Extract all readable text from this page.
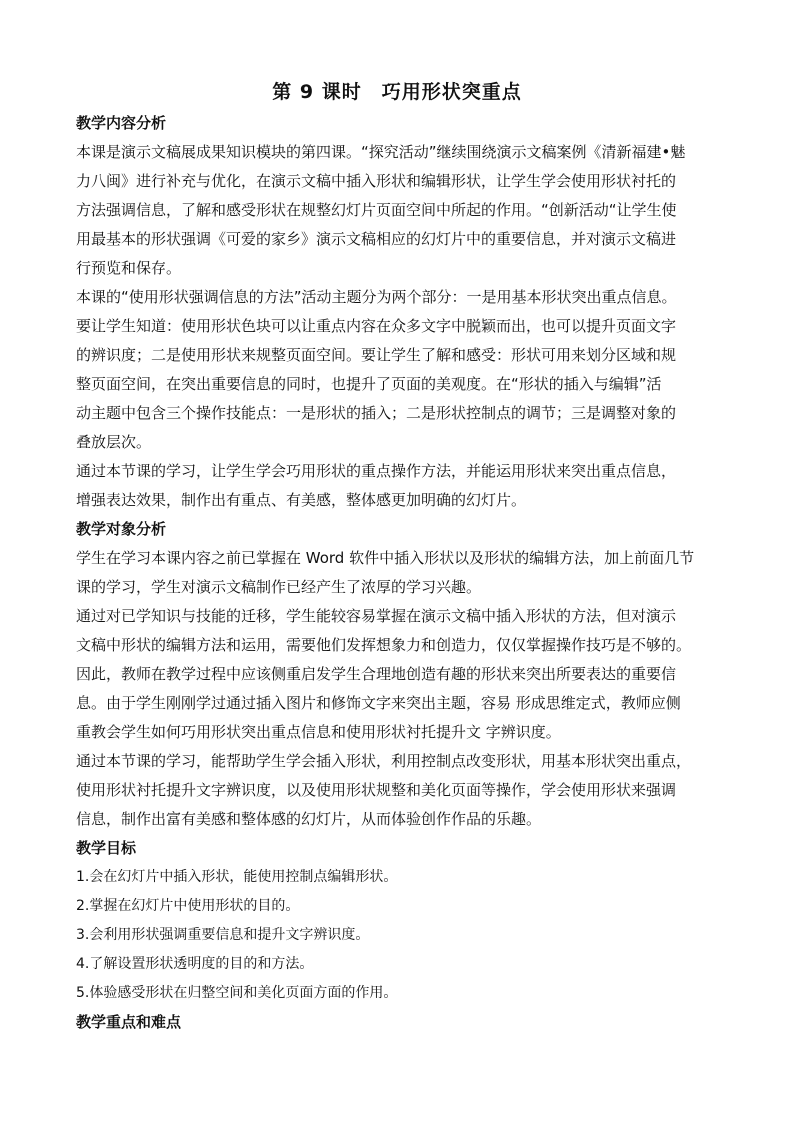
第 9 课时　巧用形状突重点
教学内容分析
本课是演示文稿展成果知识模块的第四课。“探究活动”继续围绕演示文稿案例《清新福建•魅
力八闽》进行补充与优化，在演示文稿中插入形状和编辑形状，让学生学会使用形状衬托的
方法强调信息，了解和感受形状在规整幻灯片页面空间中所起的作用。“创新活动“让学生使
用最基本的形状强调《可爱的家乡》演示文稿相应的幻灯片中的重要信息，并对演示文稿进
行预览和保存。
本课的“使用形状强调信息的方法”活动主题分为两个部分：一是用基本形状突出重点信息。
要让学生知道：使用形状色块可以让重点内容在众多文字中脱颖而出，也可以提升页面文字
的辨识度；二是使用形状来规整页面空间。要让学生了解和感受：形状可用来划分区域和规
整页面空间，在突出重要信息的同时，也提升了页面的美观度。在“形状的插入与编辑”活
动主题中包含三个操作技能点：一是形状的插入；二是形状控制点的调节；三是调整对象的
叠放层次。
通过本节课的学习，让学生学会巧用形状的重点操作方法，并能运用形状来突出重点信息，
增强表达效果，制作出有重点、有美感，整体感更加明确的幻灯片。
教学对象分析
学生在学习本课内容之前已掌握在 Word 软件中插入形状以及形状的编辑方法，加上前面几节
课的学习，学生对演示文稿制作已经产生了浓厚的学习兴趣。
通过对已学知识与技能的迁移，学生能较容易掌握在演示文稿中插入形状的方法，但对演示
文稿中形状的编辑方法和运用，需要他们发挥想象力和创造力，仅仅掌握操作技巧是不够的。
因此，教师在教学过程中应该侧重启发学生合理地创造有趣的形状来突出所要表达的重要信
息。由于学生刚刚学过通过插入图片和修饰文字来突出主题，容易 形成思维定式，教师应侧
重教会学生如何巧用形状突出重点信息和使用形状衬托提升文 字辨识度。
通过本节课的学习，能帮助学生学会插入形状，利用控制点改变形状，用基本形状突出重点，
使用形状衬托提升文字辨识度，以及使用形状规整和美化页面等操作，学会使用形状来强调
信息，制作出富有美感和整体感的幻灯片，从而体验创作作品的乐趣。
教学目标
1.会在幻灯片中插入形状，能使用控制点编辑形状。
2.掌握在幻灯片中使用形状的目的。
3.会利用形状强调重要信息和提升文字辨识度。
4.了解设置形状透明度的目的和方法。
5.体验感受形状在归整空间和美化页面方面的作用。
教学重点和难点
